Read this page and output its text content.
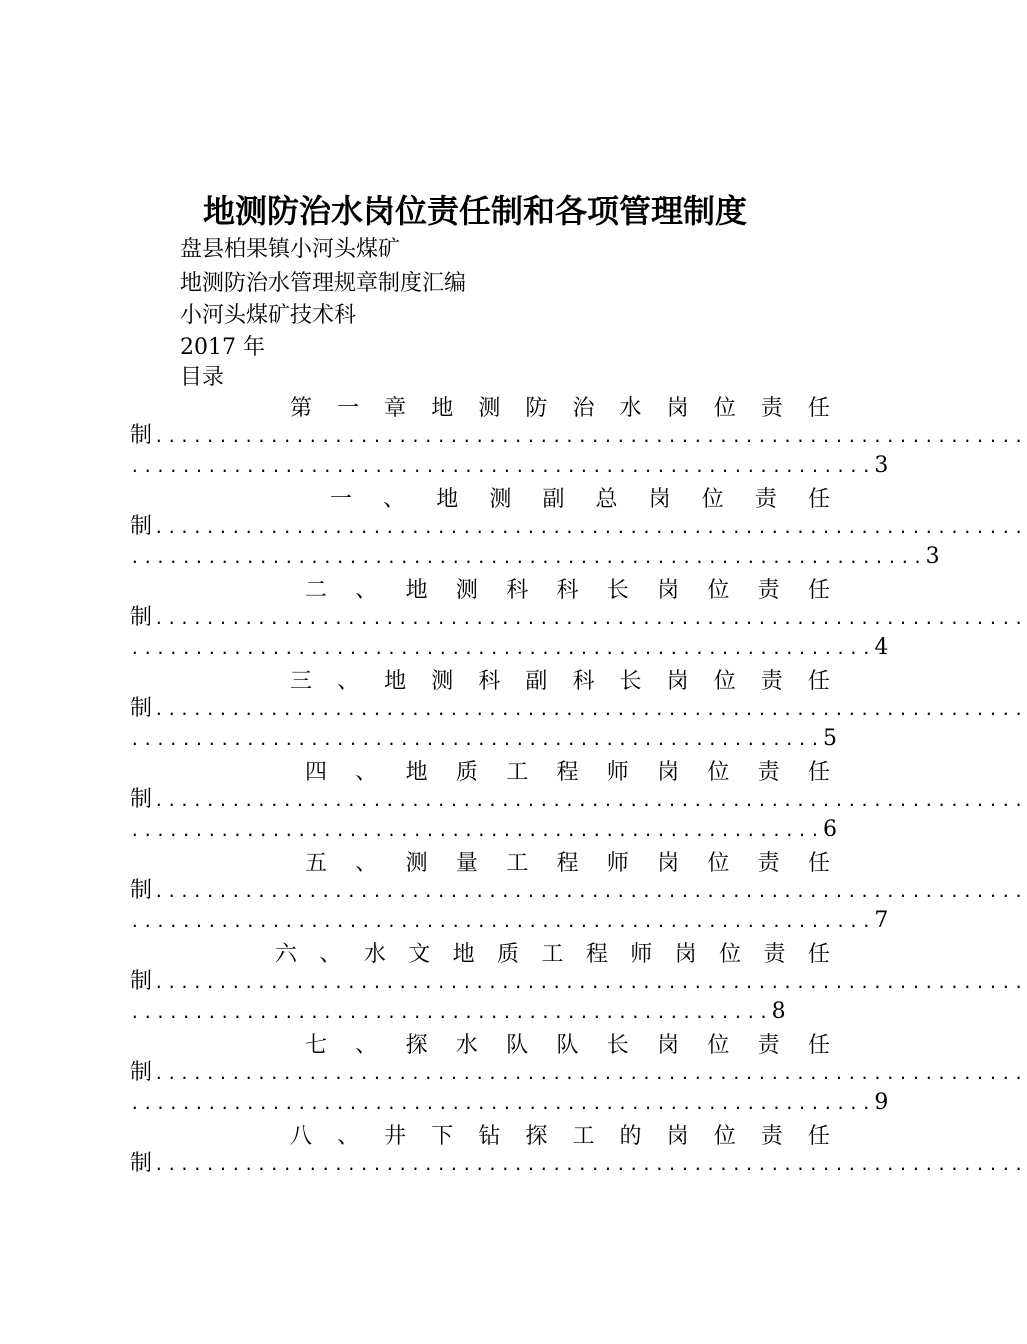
地测防治水岗位责任制和各项管理制度
盘县柏果镇小河头煤矿
地测防治水管理规章制度汇编
小河头煤矿技术科
2017 年
目录
第 一 章 地 测 防 治 水 岗 位 责 任
制 ....................................................................
..........................................................3
一 、 地 测 副 总 岗 位 责 任
制 ....................................................................
..............................................................3
二 、 地 测 科 科 长 岗 位 责 任
制 ....................................................................
..........................................................4
三 、 地 测 科 副 科 长 岗 位 责 任
制 ....................................................................
......................................................5
四 、 地 质 工 程 师 岗 位 责 任
制 ....................................................................
......................................................6
五 、 测 量 工 程 师 岗 位 责 任
制 ....................................................................
..........................................................7
六 、 水 文 地 质 工 程 师 岗 位 责 任
制 ....................................................................
..................................................8
七 、 探 水 队 队 长 岗 位 责 任
制 ....................................................................
..........................................................9
八 、 井 下 钻 探 工 的 岗 位 责 任
制 ....................................................................
